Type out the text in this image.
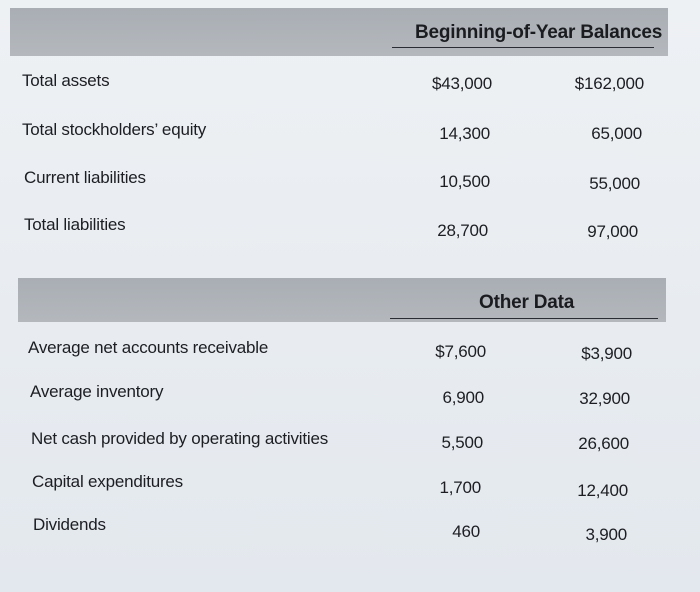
Beginning-of-Year Balances
Total assets	$43,000	$162,000
Total stockholders’ equity	14,300	65,000
Current liabilities	10,500	55,000
Total liabilities	28,700	97,000
Other Data
Average net accounts receivable	$7,600	$3,900
Average inventory	6,900	32,900
Net cash provided by operating activities	5,500	26,600
Capital expenditures	1,700	12,400
Dividends	460	3,900
